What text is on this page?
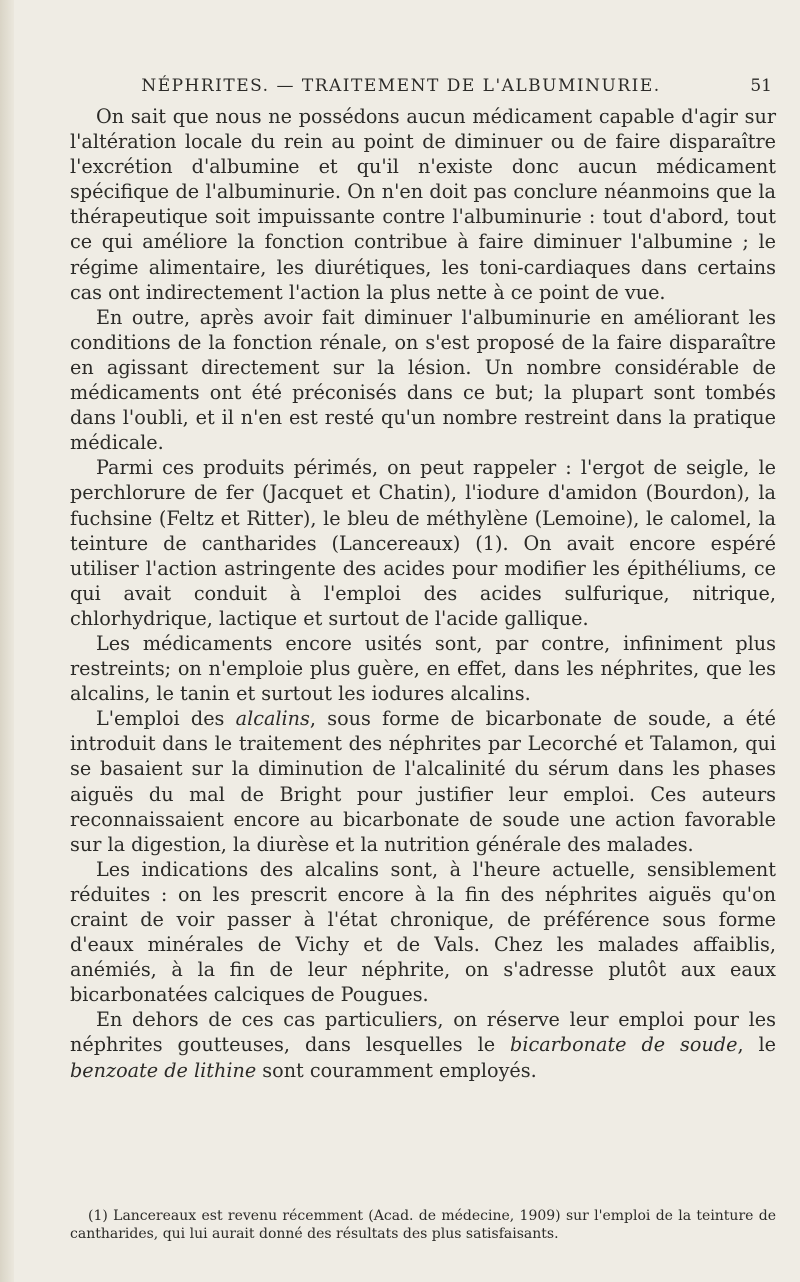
NÉPHRITES. — TRAITEMENT DE L'ALBUMINURIE.	51

On sait que nous ne possédons aucun médicament capable d'agir sur l'altération locale du rein au point de diminuer ou de faire disparaître l'excrétion d'albumine et qu'il n'existe donc aucun médicament spécifique de l'albuminurie. On n'en doit pas conclure néanmoins que la thérapeutique soit impuissante contre l'albuminurie : tout d'abord, tout ce qui améliore la fonction contribue à faire diminuer l'albumine ; le régime alimentaire, les diurétiques, les toni-cardiaques dans certains cas ont indirectement l'action la plus nette à ce point de vue.

En outre, après avoir fait diminuer l'albuminurie en améliorant les conditions de la fonction rénale, on s'est proposé de la faire disparaître en agissant directement sur la lésion. Un nombre considérable de médicaments ont été préconisés dans ce but; la plupart sont tombés dans l'oubli, et il n'en est resté qu'un nombre restreint dans la pratique médicale.

Parmi ces produits périmés, on peut rappeler : l'ergot de seigle, le perchlorure de fer (Jacquet et Chatin), l'iodure d'amidon (Bourdon), la fuchsine (Feltz et Ritter), le bleu de méthylène (Lemoine), le calomel, la teinture de cantharides (Lancereaux) (1). On avait encore espéré utiliser l'action astringente des acides pour modifier les épithéliums, ce qui avait conduit à l'emploi des acides sulfurique, nitrique, chlorhydrique, lactique et surtout de l'acide gallique.

Les médicaments encore usités sont, par contre, infiniment plus restreints; on n'emploie plus guère, en effet, dans les néphrites, que les alcalins, le tanin et surtout les iodures alcalins.

L'emploi des alcalins, sous forme de bicarbonate de soude, a été introduit dans le traitement des néphrites par Lecorché et Talamon, qui se basaient sur la diminution de l'alcalinité du sérum dans les phases aiguës du mal de Bright pour justifier leur emploi. Ces auteurs reconnaissaient encore au bicarbonate de soude une action favorable sur la digestion, la diurèse et la nutrition générale des malades.

Les indications des alcalins sont, à l'heure actuelle, sensiblement réduites : on les prescrit encore à la fin des néphrites aiguës qu'on craint de voir passer à l'état chronique, de préférence sous forme d'eaux minérales de Vichy et de Vals. Chez les malades affaiblis, anémiés, à la fin de leur néphrite, on s'adresse plutôt aux eaux bicarbonatées calciques de Pougues.

En dehors de ces cas particuliers, on réserve leur emploi pour les néphrites goutteuses, dans lesquelles le bicarbonate de soude, le benzoate de lithine sont couramment employés.

(1) Lancereaux est revenu récemment (Acad. de médecine, 1909) sur l'emploi de la teinture de cantharides, qui lui aurait donné des résultats des plus satisfaisants.
